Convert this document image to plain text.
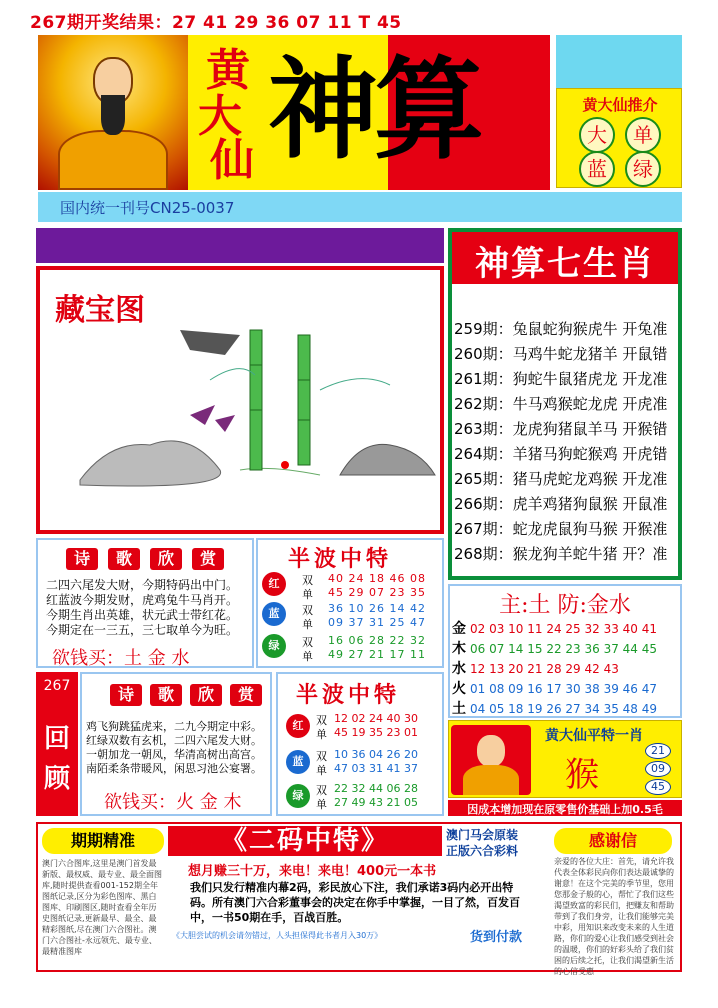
267期开奖结果：27 41 29 36 07 11 T 45
黄
大
仙 神算	黄大仙推介
大	单
蓝	绿
国内统一刊号CN25-0037
藏宝图
神算七生肖
259期：兔鼠蛇狗猴虎牛 开兔准
260期：马鸡牛蛇龙猪羊 开鼠错
261期：狗蛇牛鼠猪虎龙 开龙准
262期：牛马鸡猴蛇龙虎 开虎准
263期：龙虎狗猪鼠羊马 开猴错
264期：羊猪马狗蛇猴鸡 开虎错
265期：猪马虎蛇龙鸡猴 开龙准
266期：虎羊鸡猪狗鼠猴 开鼠准
267期：蛇龙虎鼠狗马猴 开猴准
268期：猴龙狗羊蛇牛猪 开？准
诗 歌 欣 赏
二四六尾发大财，今期特码出中门。
红蓝波今期发财，虎鸡兔牛马肖开。
今期生肖出英雄，状元武士带红花。
今期定在一三五，三七取单今为旺。
欲钱买：土 金 水
半波中特
红	双
单
40 24 18 46 08
45 29 07 23 35
蓝	双
单
36 10 26 14 42
09 37 31 25 47
绿	双
单
16 06 28 22 32
49 27 21 17 11
267
回
顾
诗 歌 欣 赏
鸡飞狗跳猛虎来，二九今期定中彩。
红绿双数有玄机，二四六尾发大财。
一朝加龙一朝凤，华清高树出高宫。
南陌柔条带暖风，闲思习池公宴署。
欲钱买：火 金 木
半波中特
红	双
单
12 02 24 40 30
45 19 35 23 01
蓝	双
单
10 36 04 26 20
47 03 31 41 37
绿	双
单
22 32 44 06 28
27 49 43 21 05
主:土 防:金水
金 02 03 10 11 24 25 32 33 40 41
木 06 07 14 15 22 23 36 37 44 45
水 12 13 20 21 28 29 42 43
火 01 08 09 16 17 30 38 39 46 47
土 04 05 18 19 26 27 34 35 48 49
黄大仙平特一肖
猴
21
09
45
因成本增加现在原零售价基础上加0.5毛
期期精准
澳门六合图库,这里是澳门首发最新版、最权威、最专业、最全面图库,随时提供查看001-152期全年图纸记录,区分为彩色图库、黑白图库、印刷图区,随时查看全年历史图纸记录,更新最早、最全、最精彩图纸,尽在澳门六合图社。澳门六合图社-永远领先、最专业、最精准图库
《二码中特》	澳门马会原装
正版六合彩料
想月赚三十万，来电！来电！400元一本书
我们只发行精准内幕2码，彩民放心下注，我们承诺3码内必开出特码。所有澳门六合彩董事会的决定在你手中掌握，一目了然，百发百中，一书50期在手，百战百胜。
《大胆尝试的机会请勿错过，人头担保得此书者月入30万》	货到付款
感谢信
亲爱的各位大庄：首先，请允许我代表全体彩民向你们表达最诚挚的谢意！在这个完美的季节里，您用您那金子般的心，帮忙了我们这些渴望致富的彩民们，把赚友和帮助带到了我们身旁，让我们能够完美中彩，用知识来改变未来的人生道路，你们的爱心让我们感受到社会的温暖，你们的好彩头给了我们贫困的后续之托，让我们渴望新生活的心信受惠
